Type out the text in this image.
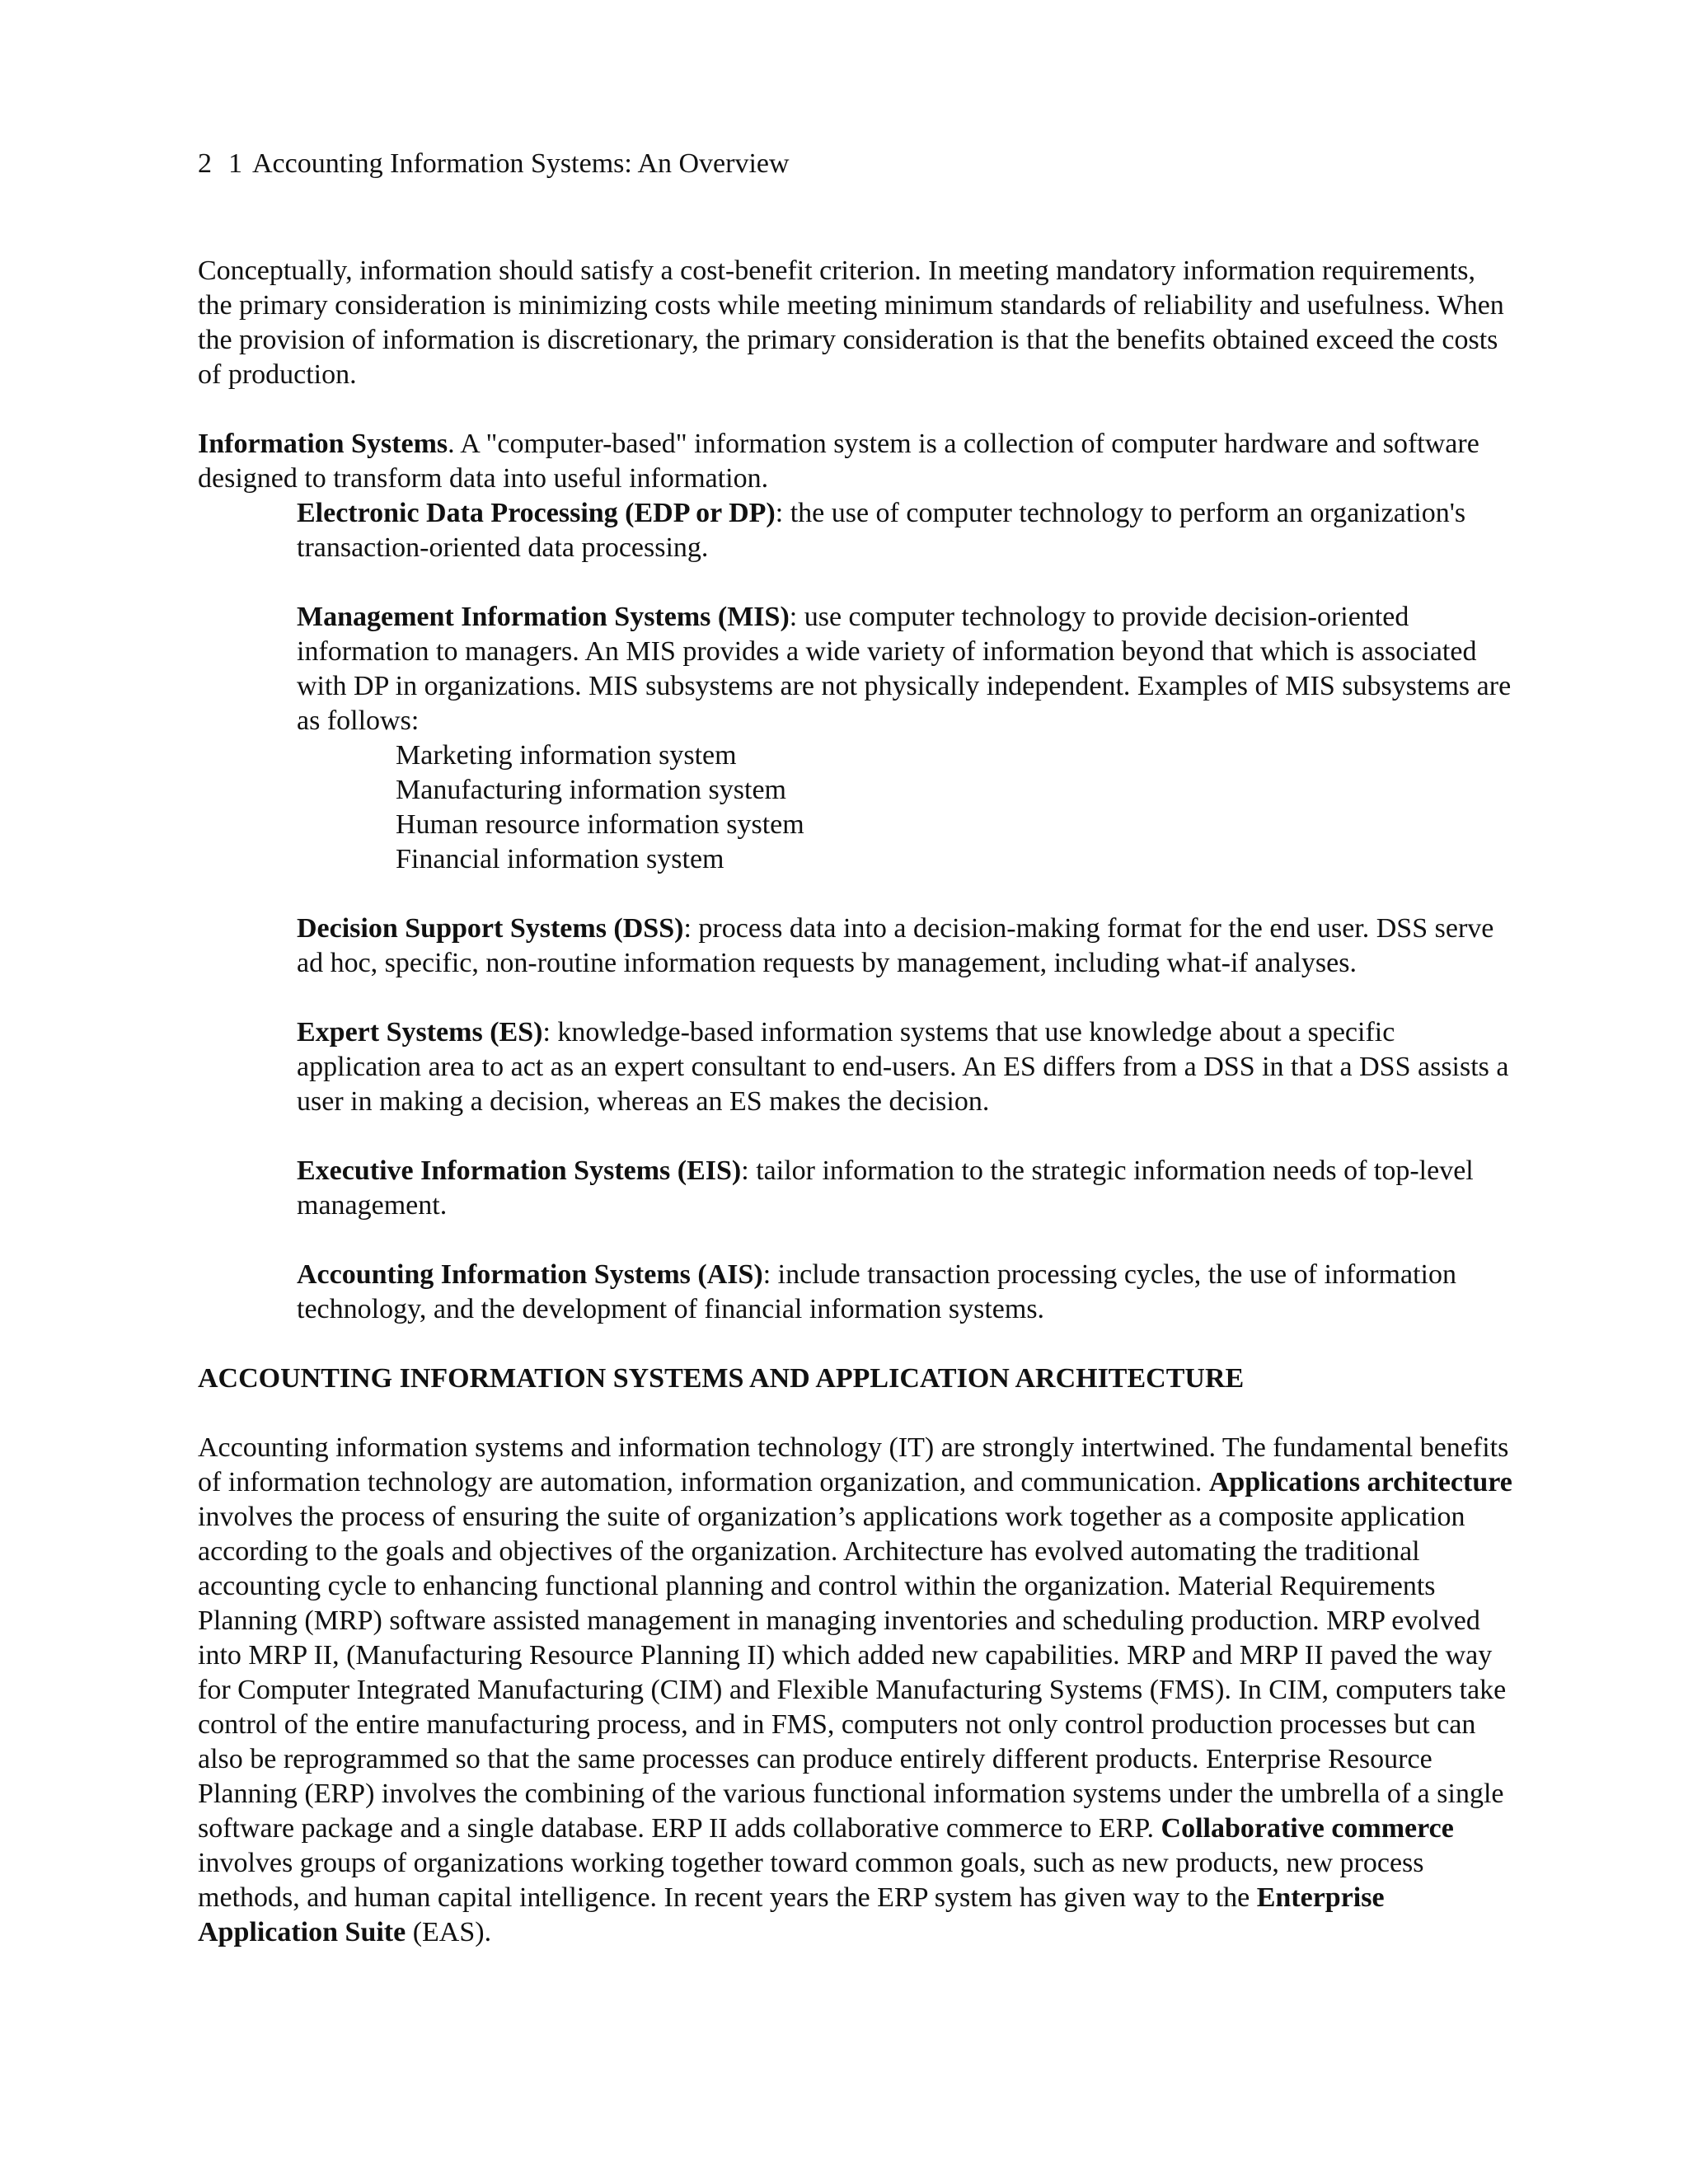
2 1 Accounting Information Systems: An Overview

Conceptually, information should satisfy a cost-benefit criterion. In meeting mandatory information requirements, the primary consideration is minimizing costs while meeting minimum standards of reliability and usefulness. When the provision of information is discretionary, the primary consideration is that the benefits obtained exceed the costs of production.

Information Systems. A "computer-based" information system is a collection of computer hardware and software designed to transform data into useful information.

Electronic Data Processing (EDP or DP): the use of computer technology to perform an organization's transaction-oriented data processing.

Management Information Systems (MIS): use computer technology to provide decision-oriented information to managers. An MIS provides a wide variety of information beyond that which is associated with DP in organizations. MIS subsystems are not physically independent. Examples of MIS subsystems are as follows:

Marketing information system

Manufacturing information system

Human resource information system

Financial information system

Decision Support Systems (DSS): process data into a decision-making format for the end user. DSS serve ad hoc, specific, non-routine information requests by management, including what-if analyses.

Expert Systems (ES): knowledge-based information systems that use knowledge about a specific application area to act as an expert consultant to end-users. An ES differs from a DSS in that a DSS assists a user in making a decision, whereas an ES makes the decision.

Executive Information Systems (EIS): tailor information to the strategic information needs of top-level management.

Accounting Information Systems (AIS): include transaction processing cycles, the use of information technology, and the development of financial information systems.

ACCOUNTING INFORMATION SYSTEMS AND APPLICATION ARCHITECTURE

Accounting information systems and information technology (IT) are strongly intertwined. The fundamental benefits of information technology are automation, information organization, and communication. Applications architecture involves the process of ensuring the suite of organization’s applications work together as a composite application according to the goals and objectives of the organization. Architecture has evolved automating the traditional accounting cycle to enhancing functional planning and control within the organization. Material Requirements Planning (MRP) software assisted management in managing inventories and scheduling production. MRP evolved into MRP II, (Manufacturing Resource Planning II) which added new capabilities. MRP and MRP II paved the way for Computer Integrated Manufacturing (CIM) and Flexible Manufacturing Systems (FMS). In CIM, computers take control of the entire manufacturing process, and in FMS, computers not only control production processes but can also be reprogrammed so that the same processes can produce entirely different products. Enterprise Resource Planning (ERP) involves the combining of the various functional information systems under the umbrella of a single software package and a single database. ERP II adds collaborative commerce to ERP. Collaborative commerce involves groups of organizations working together toward common goals, such as new products, new process methods, and human capital intelligence. In recent years the ERP system has given way to the Enterprise Application Suite (EAS).
